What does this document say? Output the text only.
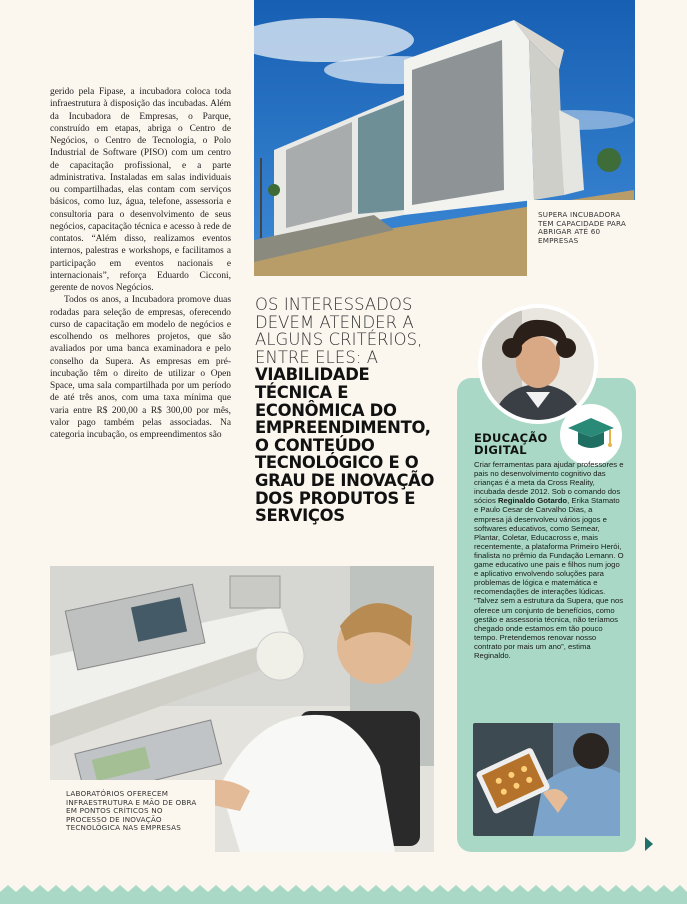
SUPERA INCUBADORA TEM CAPACIDADE PARA ABRIGAR ATÉ 60 EMPRESAS

gerido pela Fipase, a incubadora coloca toda infraestrutura à disposição das incubadas. Além da Incubadora de Empresas, o Parque, construído em etapas, abriga o Centro de Negócios, o Centro de Tecnologia, o Polo Industrial de Software (PISO) com um centro de capacitação profissional, e a parte administrativa. Instaladas em salas individuais ou compartilhadas, elas contam com serviços básicos, como luz, água, telefone, assessoria e consultoria para o desenvolvimento de seus negócios, capacitação técnica e acesso à rede de contatos. “Além disso, realizamos eventos internos, palestras e workshops, e facilitamos a participação em eventos nacionais e internacionais”, reforça Eduardo Cicconi, gerente de novos Negócios.

Todos os anos, a Incubadora promove duas rodadas para seleção de empresas, oferecendo curso de capacitação em modelo de negócios e escolhendo os melhores projetos, que são avaliados por uma banca examinadora e pelo conselho da Supera. As empresas em pré-incubação têm o direito de utilizar o Open Space, uma sala compartilhada por um período de até três anos, com uma taxa mínima que varia entre R$ 200,00 a R$ 300,00 por mês, valor pago também pelas associadas. Na categoria incubação, os empreendimentos são

OS INTERESSADOS DEVEM ATENDER A ALGUNS CRITÉRIOS, ENTRE ELES: A VIABILIDADE TÉCNICA E ECONÔMICA DO EMPREENDIMENTO, O CONTEÚDO TECNOLÓGICO E O GRAU DE INOVAÇÃO DOS PRODUTOS E SERVIÇOS
LABORATÓRIOS OFERECEM INFRAESTRUTURA E MÃO DE OBRA EM PONTOS CRÍTICOS NO PROCESSO DE INOVAÇÃO TECNOLÓGICA NAS EMPRESAS
EDUCAÇÃO
DIGITAL
Criar ferramentas para ajudar professores e pais no desenvolvimento cognitivo das crianças é a meta da Cross Reality, incubada desde 2012. Sob o comando dos sócios Reginaldo Gotardo, Erika Stamato e Paulo Cesar de Carvalho Dias, a empresa já desenvolveu vários jogos e softwares educativos, como Semear, Plantar, Coletar, Educacross e, mais recentemente, a plataforma Primeiro Herói, finalista no prêmio da Fundação Lemann. O game educativo une pais e filhos num jogo e aplicativo envolvendo soluções para problemas de lógica e matemática e recomendações de interações lúdicas. “Talvez sem a estrutura da Supera, que nos oferece um conjunto de benefícios, como gestão e assessoria técnica, não teríamos chegado onde estamos em tão pouco tempo. Pretendemos renovar nosso contrato por mais um ano”, estima Reginaldo.
